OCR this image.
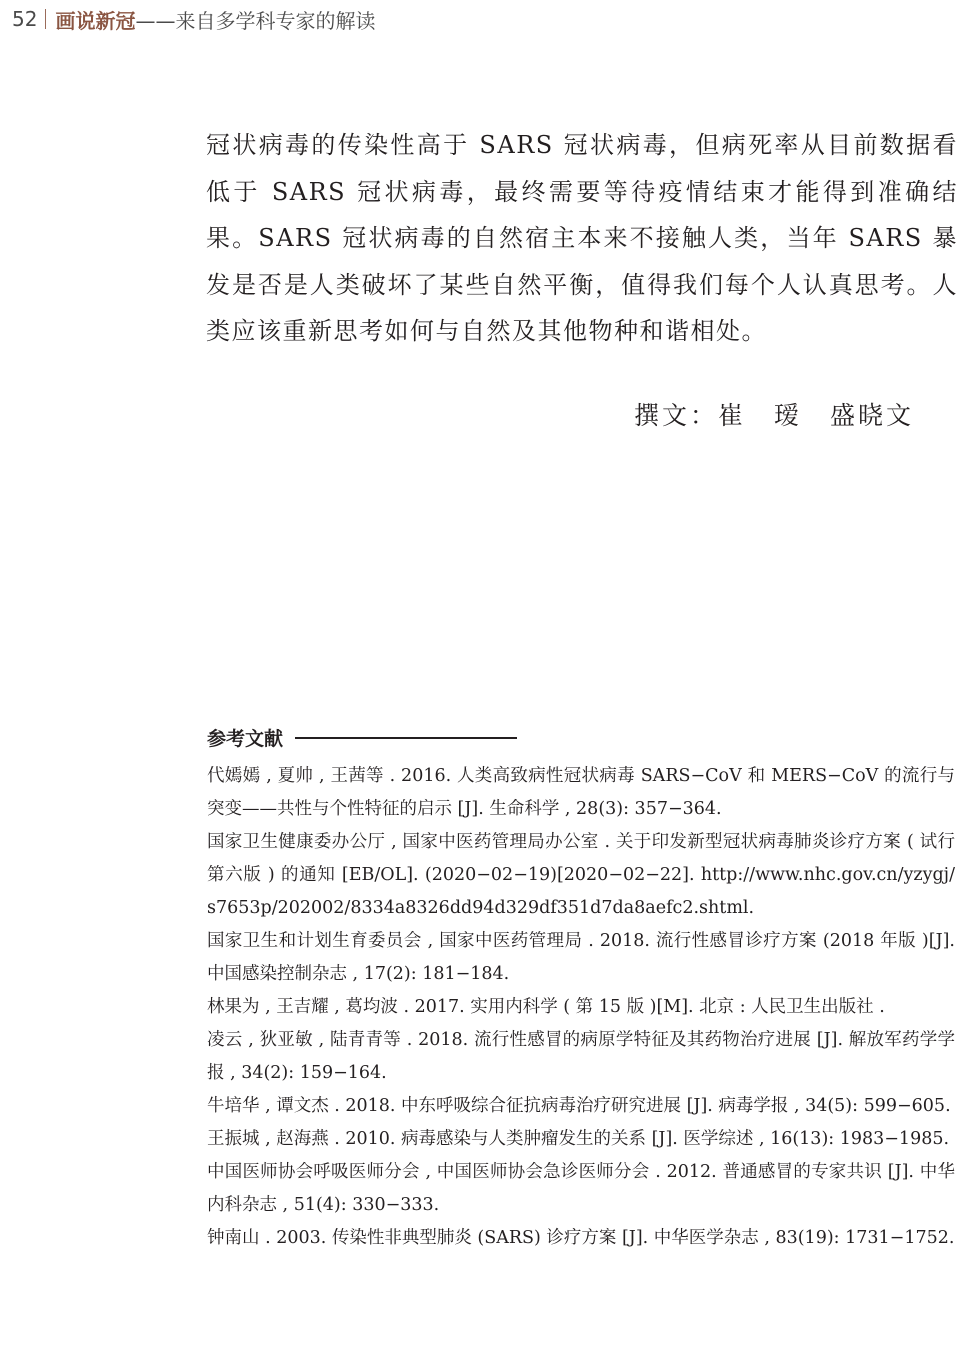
52 画说新冠 ——来自多学科专家的解读

冠状病毒的传染性高于 SARS 冠状病毒，但病死率从目前数据看低于 SARS 冠状病毒，最终需要等待疫情结束才能得到准确结果。SARS 冠状病毒的自然宿主本来不接触人类，当年 SARS 暴发是否是人类破坏了某些自然平衡，值得我们每个人认真思考。人类应该重新思考如何与自然及其他物种和谐相处。

撰文：崔　瑷　盛晓文
参考文献

代嫣嫣 , 夏帅 , 王茜等 . 2016. 人类高致病性冠状病毒 SARS−CoV 和 MERS−CoV 的流行与突变——共性与个性特征的启示 [J]. 生命科学 , 28(3): 357−364.

国家卫生健康委办公厅 , 国家中医药管理局办公室 . 关于印发新型冠状病毒肺炎诊疗方案 ( 试行第六版 ) 的通知 [EB/OL]. (2020−02−19)[2020−02−22]. http://www.nhc.gov.cn/yzygj/s7653p/202002/8334a8326dd94d329df351d7da8aefc2.shtml.

国家卫生和计划生育委员会 , 国家中医药管理局 . 2018. 流行性感冒诊疗方案 (2018 年版 )[J]. 中国感染控制杂志 , 17(2): 181−184.

林果为 , 王吉耀 , 葛均波 . 2017. 实用内科学 ( 第 15 版 )[M]. 北京 : 人民卫生出版社 .

凌云 , 狄亚敏 , 陆青青等 . 2018. 流行性感冒的病原学特征及其药物治疗进展 [J]. 解放军药学学报 , 34(2): 159−164.

牛培华 , 谭文杰 . 2018. 中东呼吸综合征抗病毒治疗研究进展 [J]. 病毒学报 , 34(5): 599−605.

王振城 , 赵海燕 . 2010. 病毒感染与人类肿瘤发生的关系 [J]. 医学综述 , 16(13): 1983−1985.

中国医师协会呼吸医师分会 , 中国医师协会急诊医师分会 . 2012. 普通感冒的专家共识 [J]. 中华内科杂志 , 51(4): 330−333.

钟南山 . 2003. 传染性非典型肺炎 (SARS) 诊疗方案 [J]. 中华医学杂志 , 83(19): 1731−1752.
